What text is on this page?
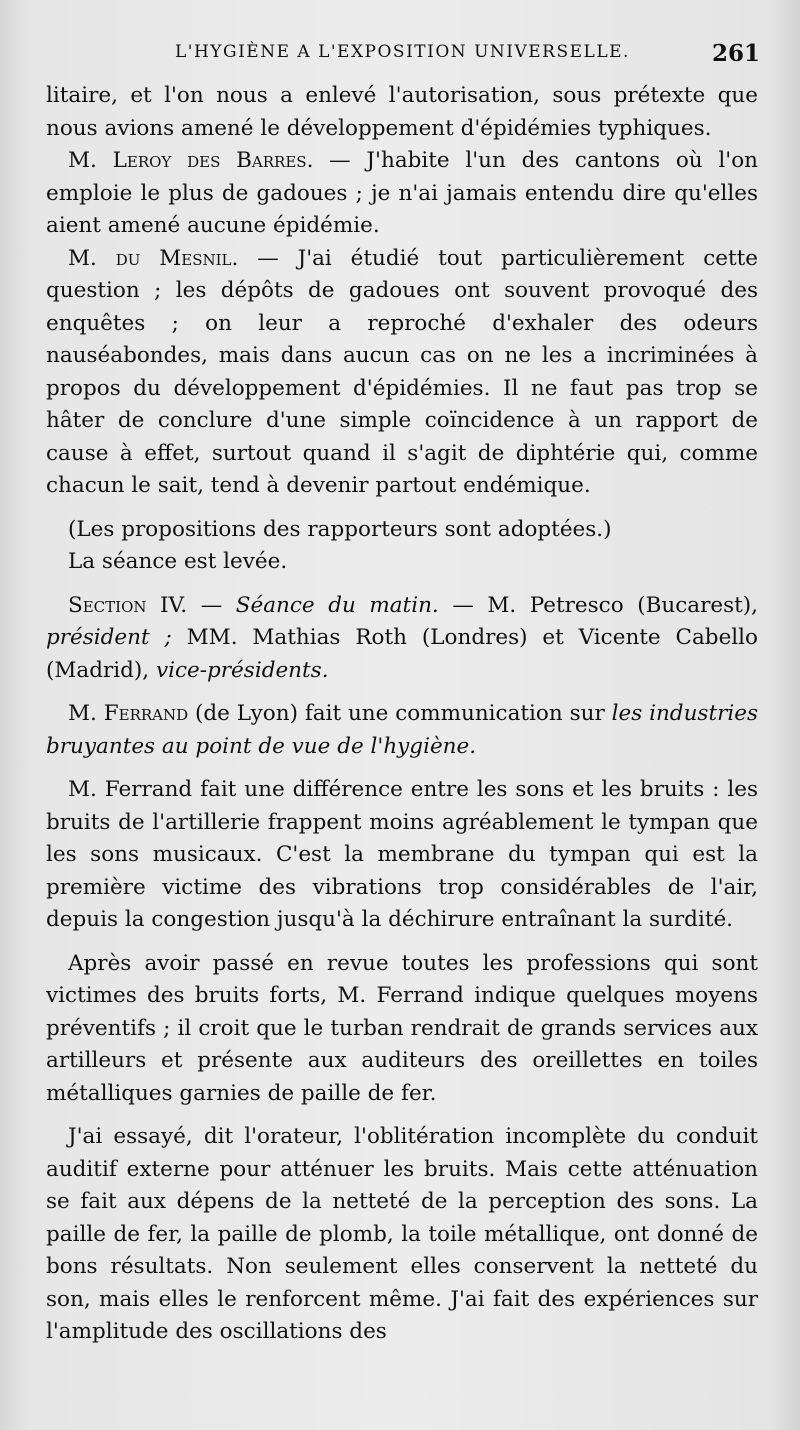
L'HYGIÈNE A L'EXPOSITION UNIVERSELLE.	261

litaire, et l'on nous a enlevé l'autorisation, sous prétexte que nous avions amené le développement d'épidémies typhiques.

M. Leroy des Barres. — J'habite l'un des cantons où l'on emploie le plus de gadoues ; je n'ai jamais entendu dire qu'elles aient amené aucune épidémie.

M. du Mesnil. — J'ai étudié tout particulièrement cette question ; les dépôts de gadoues ont souvent provoqué des enquêtes ; on leur a reproché d'exhaler des odeurs nauséabondes, mais dans aucun cas on ne les a incriminées à propos du développement d'épidémies. Il ne faut pas trop se hâter de conclure d'une simple coïncidence à un rapport de cause à effet, surtout quand il s'agit de diphtérie qui, comme chacun le sait, tend à devenir partout endémique.

(Les propositions des rapporteurs sont adoptées.)

La séance est levée.

Section IV. — Séance du matin. — M. Petresco (Bucarest), président ; MM. Mathias Roth (Londres) et Vicente Cabello (Madrid), vice-présidents.

M. Ferrand (de Lyon) fait une communication sur les industries bruyantes au point de vue de l'hygiène.

M. Ferrand fait une différence entre les sons et les bruits : les bruits de l'artillerie frappent moins agréablement le tympan que les sons musicaux. C'est la membrane du tympan qui est la première victime des vibrations trop considérables de l'air, depuis la congestion jusqu'à la déchirure entraînant la surdité.

Après avoir passé en revue toutes les professions qui sont victimes des bruits forts, M. Ferrand indique quelques moyens préventifs ; il croit que le turban rendrait de grands services aux artilleurs et présente aux auditeurs des oreillettes en toiles métalliques garnies de paille de fer.

J'ai essayé, dit l'orateur, l'oblitération incomplète du conduit auditif externe pour atténuer les bruits. Mais cette atténuation se fait aux dépens de la netteté de la perception des sons. La paille de fer, la paille de plomb, la toile métallique, ont donné de bons résultats. Non seulement elles conservent la netteté du son, mais elles le renforcent même. J'ai fait des expériences sur l'amplitude des oscillations des
